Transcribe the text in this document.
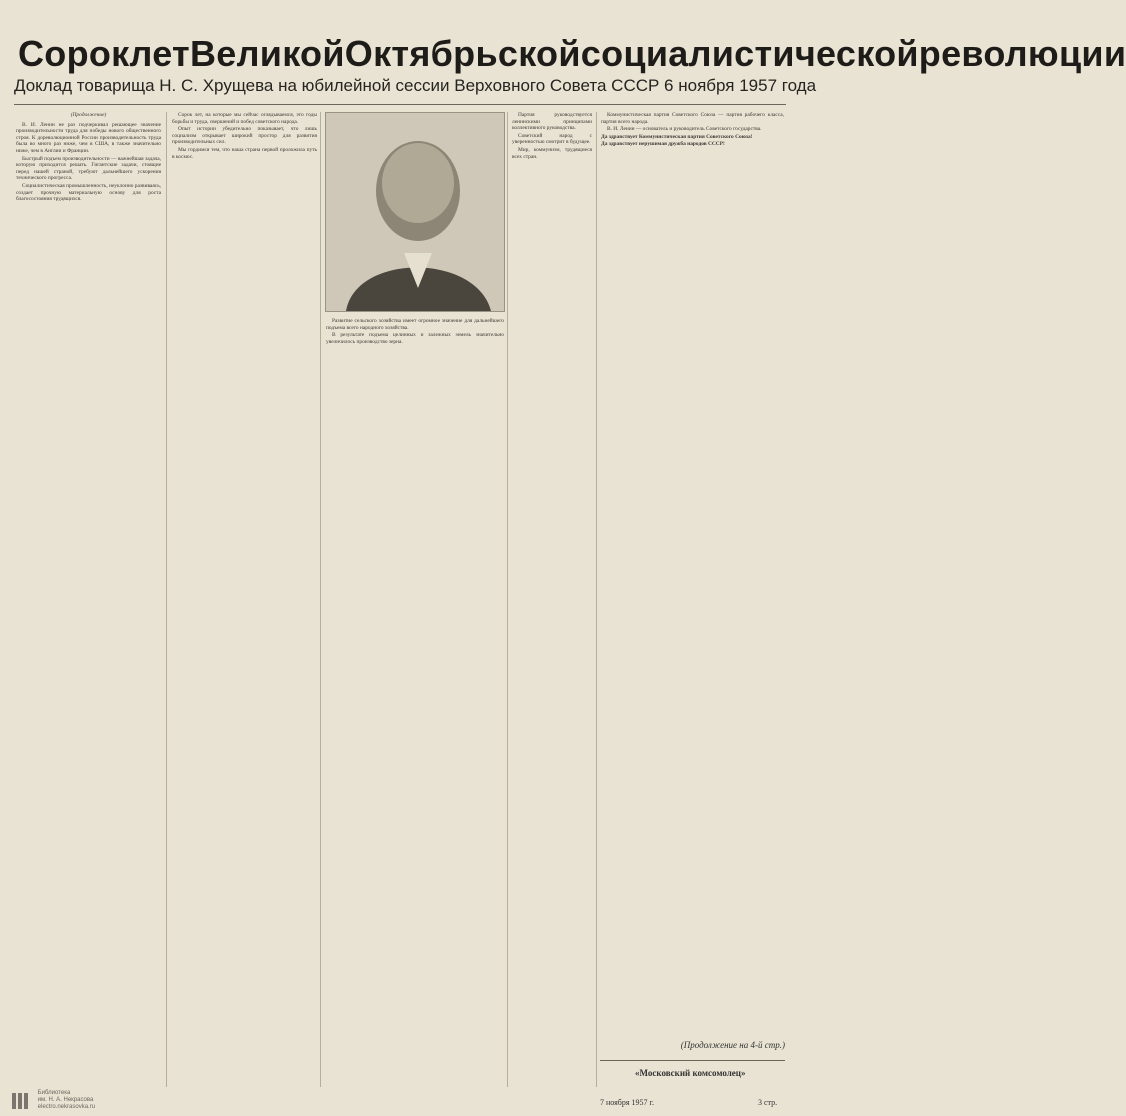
Сорок лет Великой Октябрьской социалистической революции
Доклад товарища Н. С. Хрущева на юбилейной сессии Верховного Совета СССР 6 ноября 1957 года

(Продолжение)

В. И. Ленин не раз подчеркивал решающее значение производительности труда для победы нового общественного строя. К дореволюционной России производительность труда была во много раз ниже, чем в США, в также значительно ниже, чем в Англии и Франции.

Быстрый подъем производительности — важнейшая задача, которую приходится решать. Гигантские задачи, стоящие перед нашей страной, требуют дальнейшего ускорения технического прогресса.

Социалистическая промышленность, неуклонно развиваясь, создает прочную материальную основу для роста благосостояния трудящихся.

Сорок лет, на которые мы сейчас оглядываемся, это годы борьбы и труда, свершений и побед советского народа.

Опыт истории убедительно показывает, что лишь социализм открывает широкий простор для развития производительных сил.

Мы гордимся тем, что наша страна первой проложила путь в космос.

Развитие сельского хозяйства имеет огромное значение для дальнейшего подъема всего народного хозяйства.

В результате подъема целинных и залежных земель значительно увеличилось производство зерна.

Партия руководствуется ленинскими принципами коллективного руководства.

Советский народ с уверенностью смотрит в будущее.

Мир, коммунизм, трудящиеся всех стран.

Коммунистическая партия Советского Союза — партия рабочего класса, партия всего народа.

В. И. Ленин — основатель и руководитель Советского государства.

Да здравствует Коммунистическая партия Советского Союза!

Да здравствует нерушимая дружба народов СССР!

(Продолжение на 4-й стр.)
«Московский комсомолец»
7 ноября 1957 г.	3 стр.

Библиотека
им. Н. А. Некрасова
electro.nekrasovka.ru
